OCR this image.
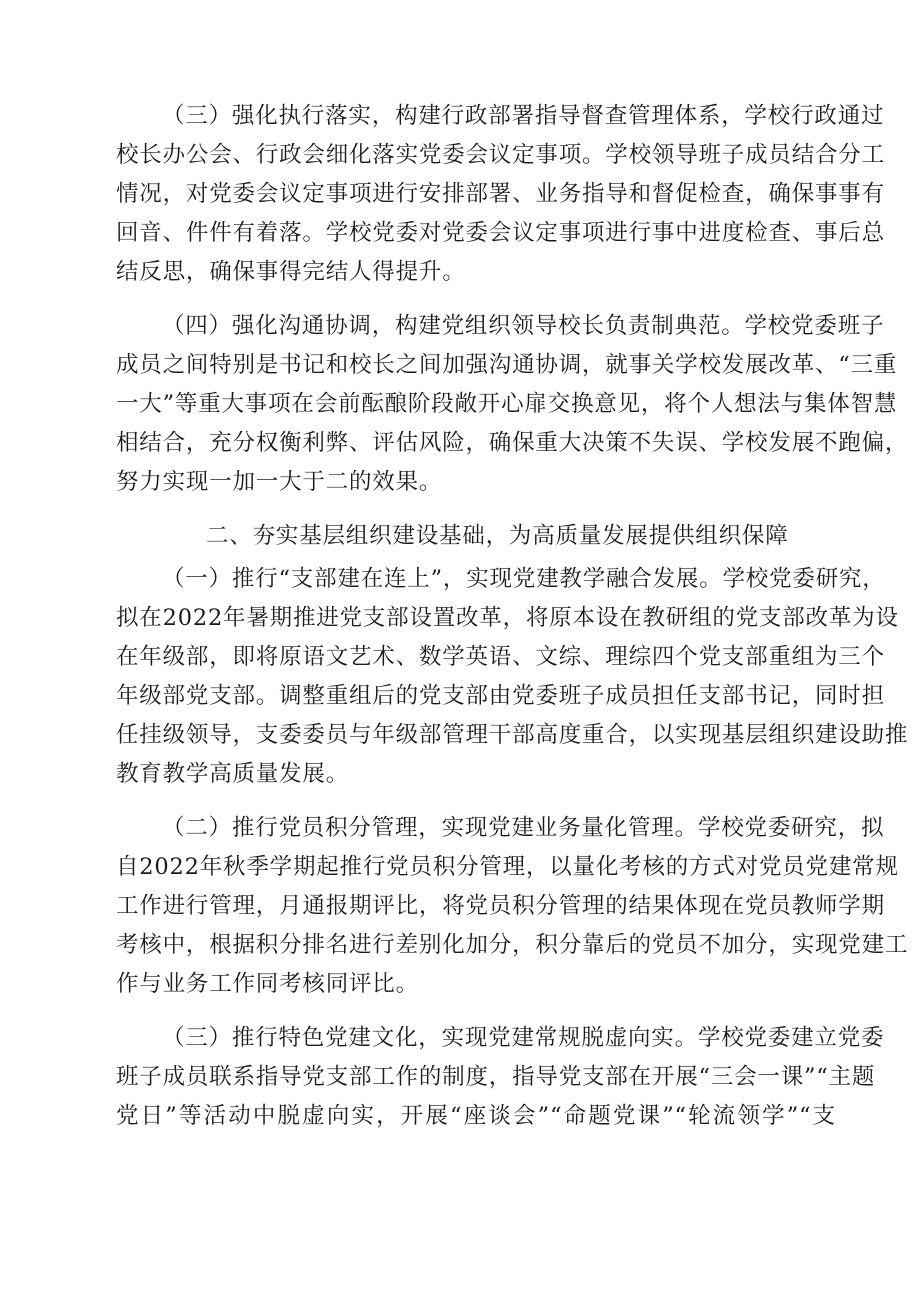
（三）强化执行落实，构建行政部署指导督查管理体系，学校行政通过
校长办公会、行政会细化落实党委会议定事项。学校领导班子成员结合分工
情况，对党委会议定事项进行安排部署、业务指导和督促检查，确保事事有
回音、件件有着落。学校党委对党委会议定事项进行事中进度检查、事后总
结反思，确保事得完结人得提升。
（四）强化沟通协调，构建党组织领导校长负责制典范。学校党委班子
成员之间特别是书记和校长之间加强沟通协调，就事关学校发展改革、“三重
一大”等重大事项在会前酝酿阶段敞开心扉交换意见，将个人想法与集体智慧
相结合，充分权衡利弊、评估风险，确保重大决策不失误、学校发展不跑偏，
努力实现一加一大于二的效果。
二、夯实基层组织建设基础，为高质量发展提供组织保障
（一）推行“支部建在连上”，实现党建教学融合发展。学校党委研究，
拟在2022年暑期推进党支部设置改革，将原本设在教研组的党支部改革为设
在年级部，即将原语文艺术、数学英语、文综、理综四个党支部重组为三个
年级部党支部。调整重组后的党支部由党委班子成员担任支部书记，同时担
任挂级领导，支委委员与年级部管理干部高度重合，以实现基层组织建设助推
教育教学高质量发展。
（二）推行党员积分管理，实现党建业务量化管理。学校党委研究，拟
自2022年秋季学期起推行党员积分管理，以量化考核的方式对党员党建常规
工作进行管理，月通报期评比，将党员积分管理的结果体现在党员教师学期
考核中，根据积分排名进行差别化加分，积分靠后的党员不加分，实现党建工
作与业务工作同考核同评比。
（三）推行特色党建文化，实现党建常规脱虚向实。学校党委建立党委
班子成员联系指导党支部工作的制度，指导党支部在开展“三会一课”“主题
党日”等活动中脱虚向实，开展“座谈会”“命题党课”“轮流领学”“支
